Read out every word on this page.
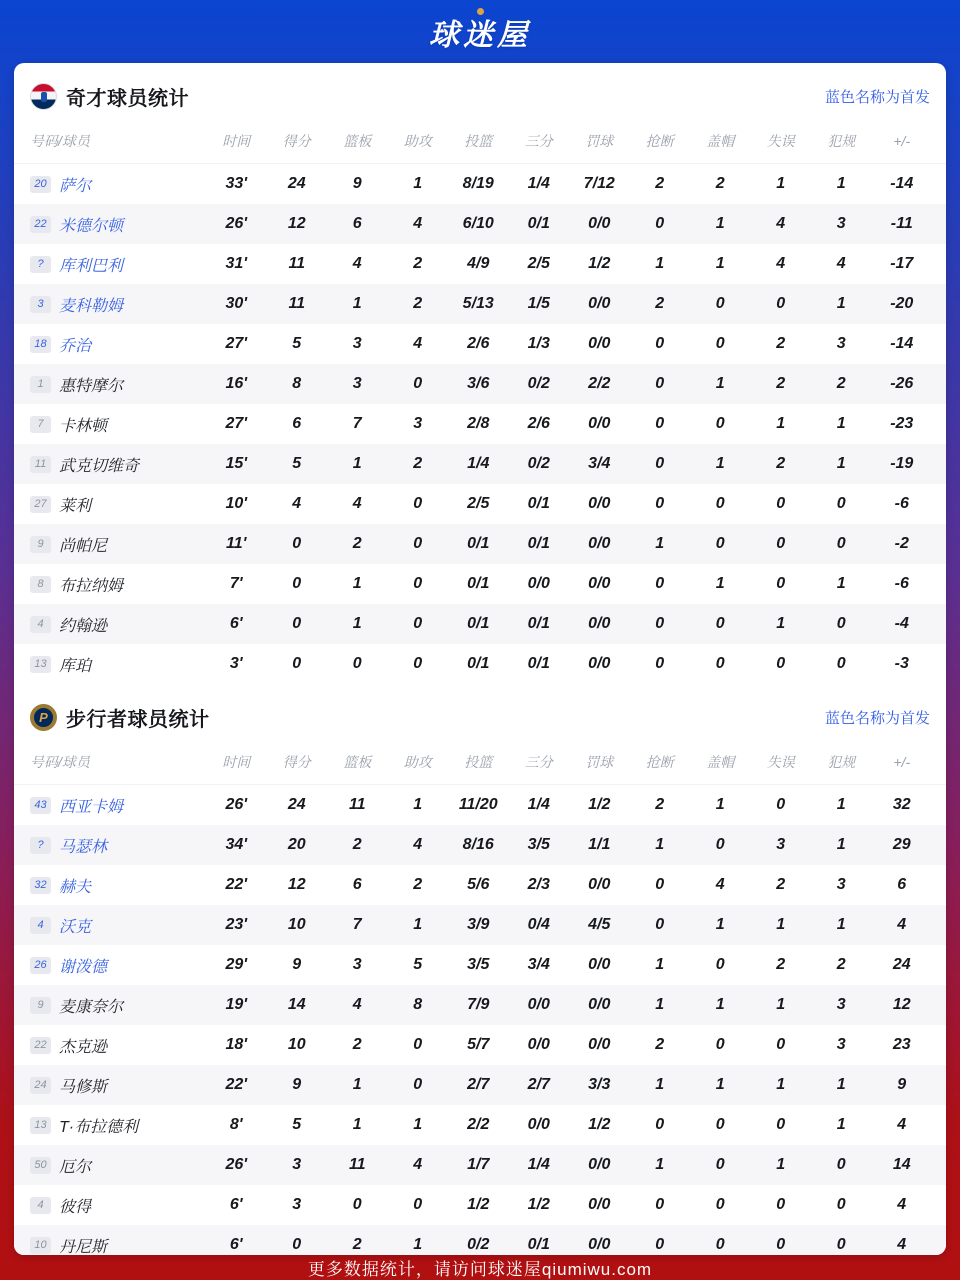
球迷屋
奇才球员统计	蓝色名称为首发
号码/球员	时间	得分	篮板	助攻	投篮	三分	罚球	抢断	盖帽	失误	犯规	+/-
20 萨尔	33'	24	9	1	8/19	1/4	7/12	2	2	1	1	-14
22 米德尔顿	26'	12	6	4	6/10	0/1	0/0	0	1	4	3	-11
? 库利巴利	31'	11	4	2	4/9	2/5	1/2	1	1	4	4	-17
3 麦科勒姆	30'	11	1	2	5/13	1/5	0/0	2	0	0	1	-20
18 乔治	27'	5	3	4	2/6	1/3	0/0	0	0	2	3	-14
1 惠特摩尔	16'	8	3	0	3/6	0/2	2/2	0	1	2	2	-26
7 卡林顿	27'	6	7	3	2/8	2/6	0/0	0	0	1	1	-23
11 武克切维奇	15'	5	1	2	1/4	0/2	3/4	0	1	2	1	-19
27 莱利	10'	4	4	0	2/5	0/1	0/0	0	0	0	0	-6
9 尚帕尼	11'	0	2	0	0/1	0/1	0/0	1	0	0	0	-2
8 布拉纳姆	7'	0	1	0	0/1	0/0	0/0	0	1	0	1	-6
4 约翰逊	6'	0	1	0	0/1	0/1	0/0	0	0	1	0	-4
13 库珀	3'	0	0	0	0/1	0/1	0/0	0	0	0	0	-3
P 步行者球员统计	蓝色名称为首发
号码/球员	时间	得分	篮板	助攻	投篮	三分	罚球	抢断	盖帽	失误	犯规	+/-
43 西亚卡姆	26'	24	11	1	11/20	1/4	1/2	2	1	0	1	32
? 马瑟林	34'	20	2	4	8/16	3/5	1/1	1	0	3	1	29
32 赫夫	22'	12	6	2	5/6	2/3	0/0	0	4	2	3	6
4 沃克	23'	10	7	1	3/9	0/4	4/5	0	1	1	1	4
26 谢泼德	29'	9	3	5	3/5	3/4	0/0	1	0	2	2	24
9 麦康奈尔	19'	14	4	8	7/9	0/0	0/0	1	1	1	3	12
22 杰克逊	18'	10	2	0	5/7	0/0	0/0	2	0	0	3	23
24 马修斯	22'	9	1	0	2/7	2/7	3/3	1	1	1	1	9
13 T·布拉德利	8'	5	1	1	2/2	0/0	1/2	0	0	0	1	4
50 厄尔	26'	3	11	4	1/7	1/4	0/0	1	0	1	0	14
4 彼得	6'	3	0	0	1/2	1/2	0/0	0	0	0	0	4
10 丹尼斯	6'	0	2	1	0/2	0/1	0/0	0	0	0	0	4
更多数据统计，请访问球迷屋qiumiwu.com
